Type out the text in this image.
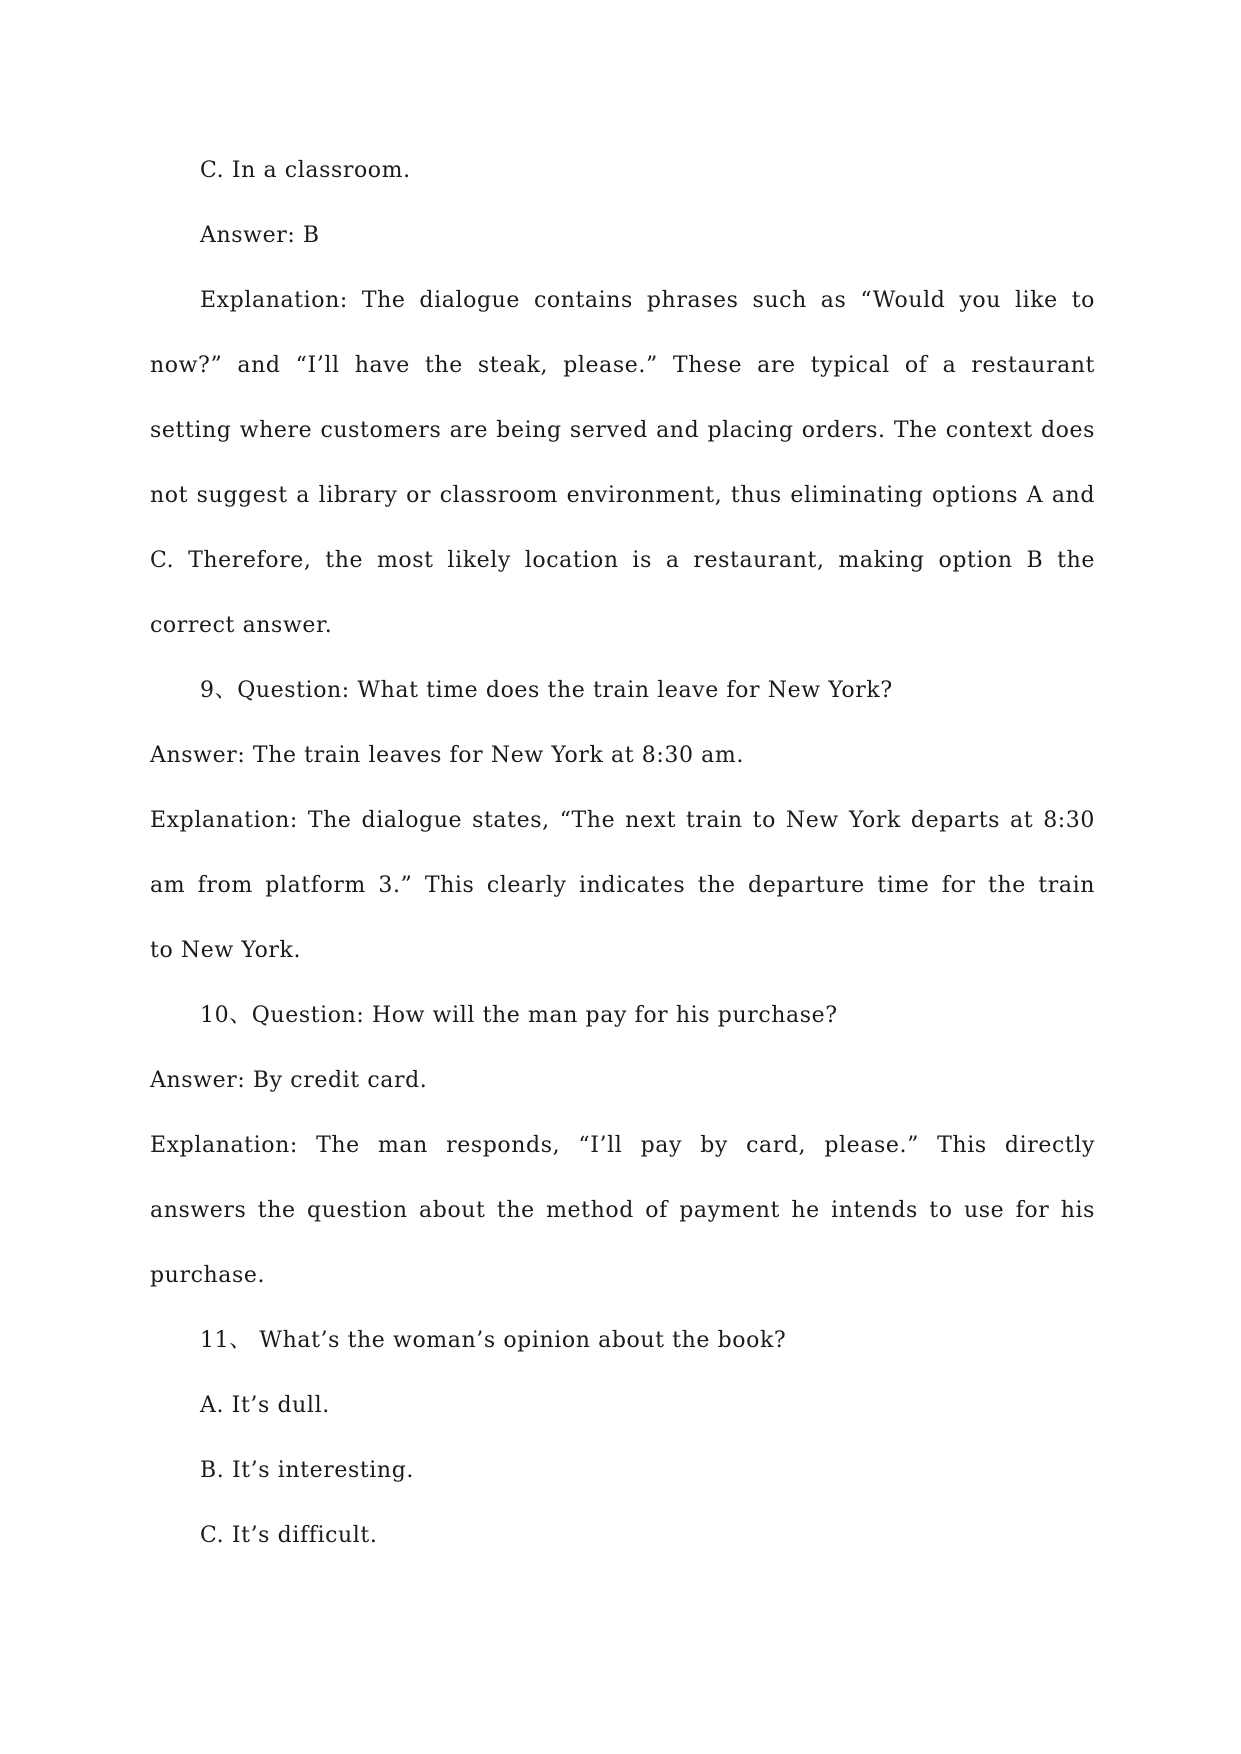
C. In a classroom.

Answer: B

Explanation: The dialogue contains phrases such as “Would you like to

now?” and “I’ll have the steak, please.” These are typical of a restaurant

setting where customers are being served and placing orders. The context does

not suggest a library or classroom environment, thus eliminating options A and

C. Therefore, the most likely location is a restaurant, making option B the

correct answer.

9、Question: What time does the train leave for New York?

Answer: The train leaves for New York at 8:30 am.

Explanation: The dialogue states, “The next train to New York departs at 8:30

am from platform 3.” This clearly indicates the departure time for the train

to New York.

10、Question: How will the man pay for his purchase?

Answer: By credit card.

Explanation: The man responds, “I’ll pay by card, please.” This directly

answers the question about the method of payment he intends to use for his

purchase.

11、 What’s the woman’s opinion about the book?

A. It’s dull.

B. It’s interesting.

C. It’s difficult.
